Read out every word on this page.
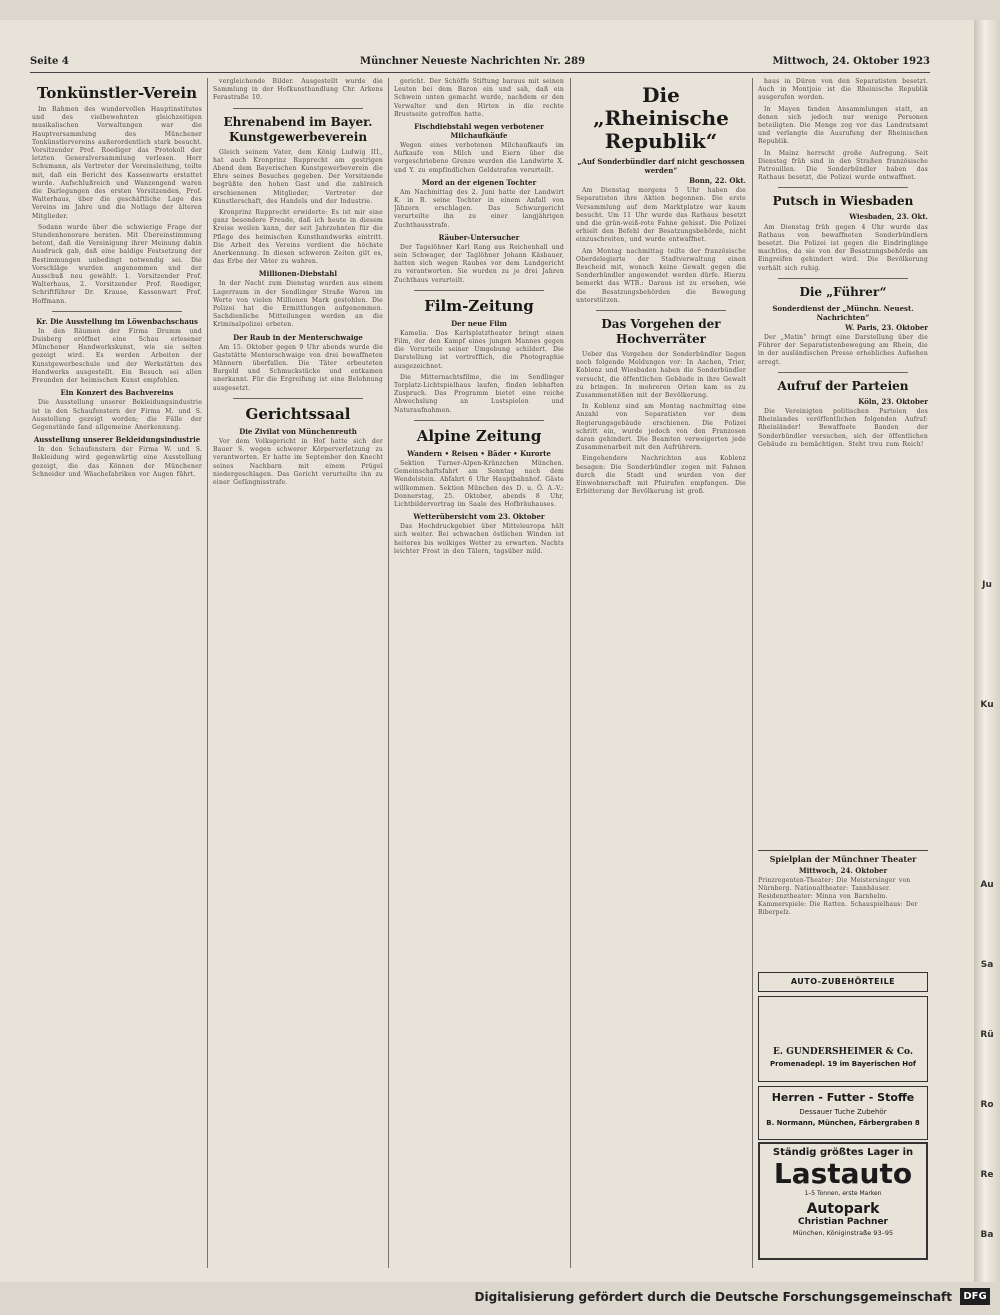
Ju
Ku
Au
Sa
Rü
Ro
Re
Ba
Seite 4	Münchner Neueste Nachrichten Nr. 289	Mittwoch, 24. Oktober 1923
Tonkünstler-Verein

Im Rahmen des wundervollen Hauptinstitutes und des vielbewohnten gleichzeitigen musikalischen Verwaltungen war die Hauptversammlung des Münchener Tonkünstlervereins außerordentlich stark besucht. Vorsitzender Prof. Roediger das Protokoll der letzten Generalversammlung verlesen. Herr Schumann, als Vertreter der Vereinsleitung, teilte mit, daß ein Bericht des Kassenwarts erstattet wurde. Aufschlußreich und Wanzengend waren die Darlegungen des ersten Vorsitzenden, Prof. Walterhaus, über die geschäftliche Lage des Vereins im Jahre und die Notlage der älteren Mitglieder.

Sodann wurde über die schwierige Frage der Stundenhonorare beraten. Mit Übereinstimmung betont, daß die Vereinigung ihrer Meinung dahin Ausdruck gab, daß eine baldige Festsetzung der Bestimmungen unbedingt notwendig sei. Die Vorschläge wurden angenommen und der Ausschuß neu gewählt: 1. Vorsitzender Prof. Walterhaus, 2. Vorsitzender Prof. Roediger, Schriftführer Dr. Krause, Kassenwart Prof. Hoffmann.

Kr. Die Ausstellung im Löwenbachschaus

In den Räumen der Firma Drumm und Duisberg eröffnet eine Schau erlesener Münchener Handwerkskunst, wie sie selten gezeigt wird. Es werden Arbeiten der Kunstgewerbeschule und der Werkstätten des Handwerks ausgestellt. Ein Besuch sei allen Freunden der heimischen Kunst empfohlen.

Ein Konzert des Bachvereins

Die Ausstellung unserer Bekleidungsindustrie ist in den Schaufenstern der Firma M. und S. Ausstellung gezeigt worden; die Fülle der Gegenstände fand allgemeine Anerkennung.

Ausstellung unserer Bekleidungsindustrie

In den Schaufenstern der Firma W. und S. Bekleidung wird gegenwärtig eine Ausstellung gezeigt, die das Können der Münchener Schneider und Wäschefabriken vor Augen führt.

vergleichende Bilder. Ausgestellt wurde die Sammlung in der Hofkunsthandlung Chr. Arkens Ferastraße 10.

Ehrenabend im Bayer. Kunstgewerbeverein

Gleich seinem Vater, dem König Ludwig III., hat auch Kronprinz Rupprecht am gestrigen Abend dem Bayerischen Kunstgewerbeverein die Ehre seines Besuches gegeben. Der Vorsitzende begrüßte den hohen Gast und die zahlreich erschienenen Mitglieder, Vertreter der Künstlerschaft, des Handels und der Industrie.

Kronprinz Rupprecht erwiderte: Es ist mir eine ganz besondere Freude, daß ich heute in diesem Kreise weilen kann, der seit Jahrzehnten für die Pflege des heimischen Kunsthandwerks eintritt. Die Arbeit des Vereins verdient die höchste Anerkennung. In diesen schweren Zeiten gilt es, das Erbe der Väter zu wahren.

Millionen-Diebstahl

In der Nacht zum Dienstag wurden aus einem Lagerraum in der Sendlinger Straße Waren im Werte von vielen Millionen Mark gestohlen. Die Polizei hat die Ermittlungen aufgenommen. Sachdienliche Mitteilungen werden an die Kriminalpolizei erbeten.

Der Raub in der Menterschwaige

Am 15. Oktober gegen 9 Uhr abends wurde die Gaststätte Menterschwaige von drei bewaffneten Männern überfallen. Die Täter erbeuteten Bargeld und Schmuckstücke und entkamen unerkannt. Für die Ergreifung ist eine Belohnung ausgesetzt.

Gerichtssaal
Die Zivilat von Münchenreuth

Vor dem Volksgericht in Hof hatte sich der Bauer S. wegen schwerer Körperverletzung zu verantworten. Er hatte im September den Knecht seines Nachbarn mit einem Prügel niedergeschlagen. Das Gericht verurteilte ihn zu einer Gefängnisstrafe.

gericht. Der Schöffe Stiftung baraus mit seinen Leuten bei dem Baron ein und sah, daß ein Schwein unten gemacht wurde, nachdem er den Verwalter und den Hirten in die rechte Brustseite getroffen hatte.

Fischdiebstahl wegen verbotener Milchaufkäufe

Wegen eines verbotenen Milchaufkaufs im Aufkaufe von Milch und Eiern über die vorgeschriebene Grenze wurden die Landwirte X. und Y. zu empfindlichen Geldstrafen verurteilt.

Mord an der eigenen Tochter

Am Nachmittag des 2. Juni hatte der Landwirt K. in B. seine Tochter in einem Anfall von Jähzorn erschlagen. Das Schwurgericht verurteilte ihn zu einer langjährigen Zuchthausstrafe.

Räuber-Untersucher

Der Tagelöhner Karl Rang aus Reichenhall und sein Schwager, der Taglöhner Johann Käsbauer, hatten sich wegen Raubes vor dem Landgericht zu verantworten. Sie wurden zu je drei Jahren Zuchthaus verurteilt.

Film-Zeitung
Der neue Film

Kamelia. Das Karlsplatztheater bringt einen Film, der den Kampf eines jungen Mannes gegen die Vorurteile seiner Umgebung schildert. Die Darstellung ist vortrefflich, die Photographie ausgezeichnet.

Die Mitternachtsfilme, die im Sendlinger Torplatz-Lichtspielhaus laufen, finden lebhaften Zuspruch. Das Programm bietet eine reiche Abwechslung an Lustspielen und Naturaufnahmen.

Alpine Zeitung
Wandern • Reisen • Bäder • Kurorte

Sektion Turner-Alpen-Kränzchen München. Gemeinschaftsfahrt am Sonntag nach dem Wendelstein. Abfahrt 6 Uhr Hauptbahnhof. Gäste willkommen. Sektion München des D. u. Ö. A.-V.: Donnerstag, 25. Oktober, abends 8 Uhr, Lichtbildervortrag im Saale des Hofbräuhauses.

Wetterübersicht vom 23. Oktober

Das Hochdruckgebiet über Mitteleuropa hält sich weiter. Bei schwachen östlichen Winden ist heiteres bis wolkiges Wetter zu erwarten. Nachts leichter Frost in den Tälern, tagsüber mild.

Die „Rheinische Republik“
„Auf Sonderbündler darf nicht geschossen werden“
Bonn, 22. Okt.

Am Dienstag morgens 5 Uhr haben die Separatisten ihre Aktion begonnen. Die erste Versammlung auf dem Marktplatze war kaum besucht. Um 11 Uhr wurde das Rathaus besetzt und die grün-weiß-rote Fahne gehisst. Die Polizei erhielt den Befehl der Besatzungsbehörde, nicht einzuschreiten, und wurde entwaffnet.

Am Montag nachmittag teilte der französische Oberdelegierte der Stadtverwaltung einen Bescheid mit, wonach keine Gewalt gegen die Sonderbündler angewendet werden dürfe. Hierzu bemerkt das WTB.: Daraus ist zu ersehen, wie die Besatzungsbehörden die Bewegung unterstützen.

Das Vorgehen der Hochverräter

Ueber das Vorgehen der Sonderbündler liegen noch folgende Meldungen vor: In Aachen, Trier, Koblenz und Wiesbaden haben die Sonderbündler versucht, die öffentlichen Gebäude in ihre Gewalt zu bringen. In mehreren Orten kam es zu Zusammenstößen mit der Bevölkerung.

In Koblenz sind am Montag nachmittag eine Anzahl von Separatisten vor dem Regierungsgebäude erschienen. Die Polizei schritt ein, wurde jedoch von den Franzosen daran gehindert. Die Beamten verweigerten jede Zusammenarbeit mit den Aufrührern.

Eingehendere Nachrichten aus Koblenz besagen: Die Sonderbündler zogen mit Fahnen durch die Stadt und wurden von der Einwohnerschaft mit Pfuirufen empfangen. Die Erbitterung der Bevölkerung ist groß.

haus in Düren von den Separatisten besetzt. Auch in Montjoie ist die Rheinische Republik ausgerufen worden.

In Mayen fanden Ansammlungen statt, an denen sich jedoch nur wenige Personen beteiligten. Die Menge zog vor das Landratsamt und verlangte die Ausrufung der Rheinischen Republik.

In Mainz herrscht große Aufregung. Seit Dienstag früh sind in den Straßen französische Patrouillen. Die Sonderbündler haben das Rathaus besetzt, die Polizei wurde entwaffnet.

Putsch in Wiesbaden
Wiesbaden, 23. Okt.

Am Dienstag früh gegen 4 Uhr wurde das Rathaus von bewaffneten Sonderbündlern besetzt. Die Polizei ist gegen die Eindringlinge machtlos, da sie von der Besatzungsbehörde am Eingreifen gehindert wird. Die Bevölkerung verhält sich ruhig.

Die „Führer“
Sonderdienst der „Münchn. Neuest. Nachrichten“
W. Paris, 23. Oktober

Der „Matin“ bringt eine Darstellung über die Führer der Separatistenbewegung am Rhein, die in der ausländischen Presse erhebliches Aufsehen erregt.

Aufruf der Parteien
Köln, 23. Oktober

Die Vereinigten politischen Parteien des Rheinlandes veröffentlichen folgenden Aufruf: Rheinländer! Bewaffnete Banden der Sonderbündler versuchen, sich der öffentlichen Gebäude zu bemächtigen. Steht treu zum Reich!

Spielplan der Münchner Theater
Mittwoch, 24. Oktober
Prinzregenten-Theater: Die Meistersinger von Nürnberg. Nationaltheater: Tannhäuser. Residenztheater: Minna von Barnhelm. Kammerspiele: Die Ratten. Schauspielhaus: Der Biberpelz.
AUTO-ZUBEHÖRTEILE
E. GUNDERSHEIMER & Co.
Promenadepl. 19 im Bayerischen Hof
Herren - Futter - Stoffe
Dessauer Tuche Zubehör
B. Normann, München, Färbergraben 8
Ständig größtes Lager in
Lastauto
1–5 Tonnen, erste Marken
Autopark
Christian Pachner
München, Königinstraße 93–95
Digitalisierung gefördert durch die Deutsche Forschungsgemeinschaft	DFG
